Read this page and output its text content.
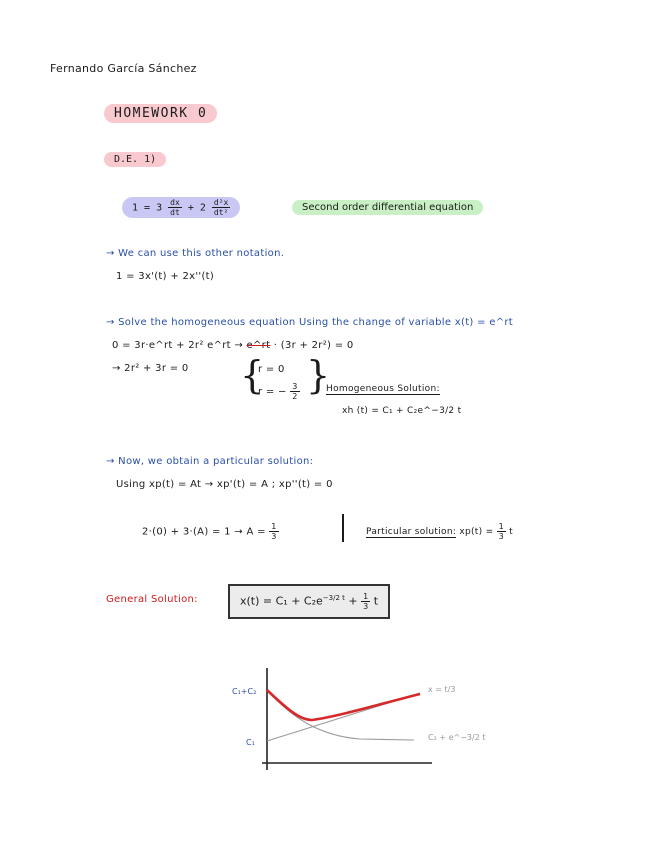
Fernando García Sánchez
HOMEWORK 0
D.E. 1)
$1 = 3 \frac{dx}{dt} + 2 \frac{\text{d²x}}{\text{dt²}}$	Second order differential equation
→ We can use this other notation.
1 = 3x'(t) + 2x''(t)
→ Solve the homogeneous equation Using the change of variable x(t) = e^rt
0 = 3r·e^rt + 2r² e^rt → e^rt · (3r + 2r²) = 0
→ 2r² + 3r = 0 {
r = 0
r = − $\frac{3}{2}$ }
Homogeneous Solution:
xh (t) = C₁ + C₂e^−3/2 t
→ Now, we obtain a particular solution:
Using xp(t) = At → xp'(t) = A ; xp''(t) = 0
$2\cdot(0) + 3\cdot(A) = 1 \to A = \frac{1}{3}$	Particular solution: $xp(t) = \frac{1}{3}$ t
General Solution:	$x(t) = C_1 + C_2e^{-3/2 t} + \frac{1}{3}$ t
C₁+C₂
C₁
x = t/3
C₂ + e^−3/2 t
